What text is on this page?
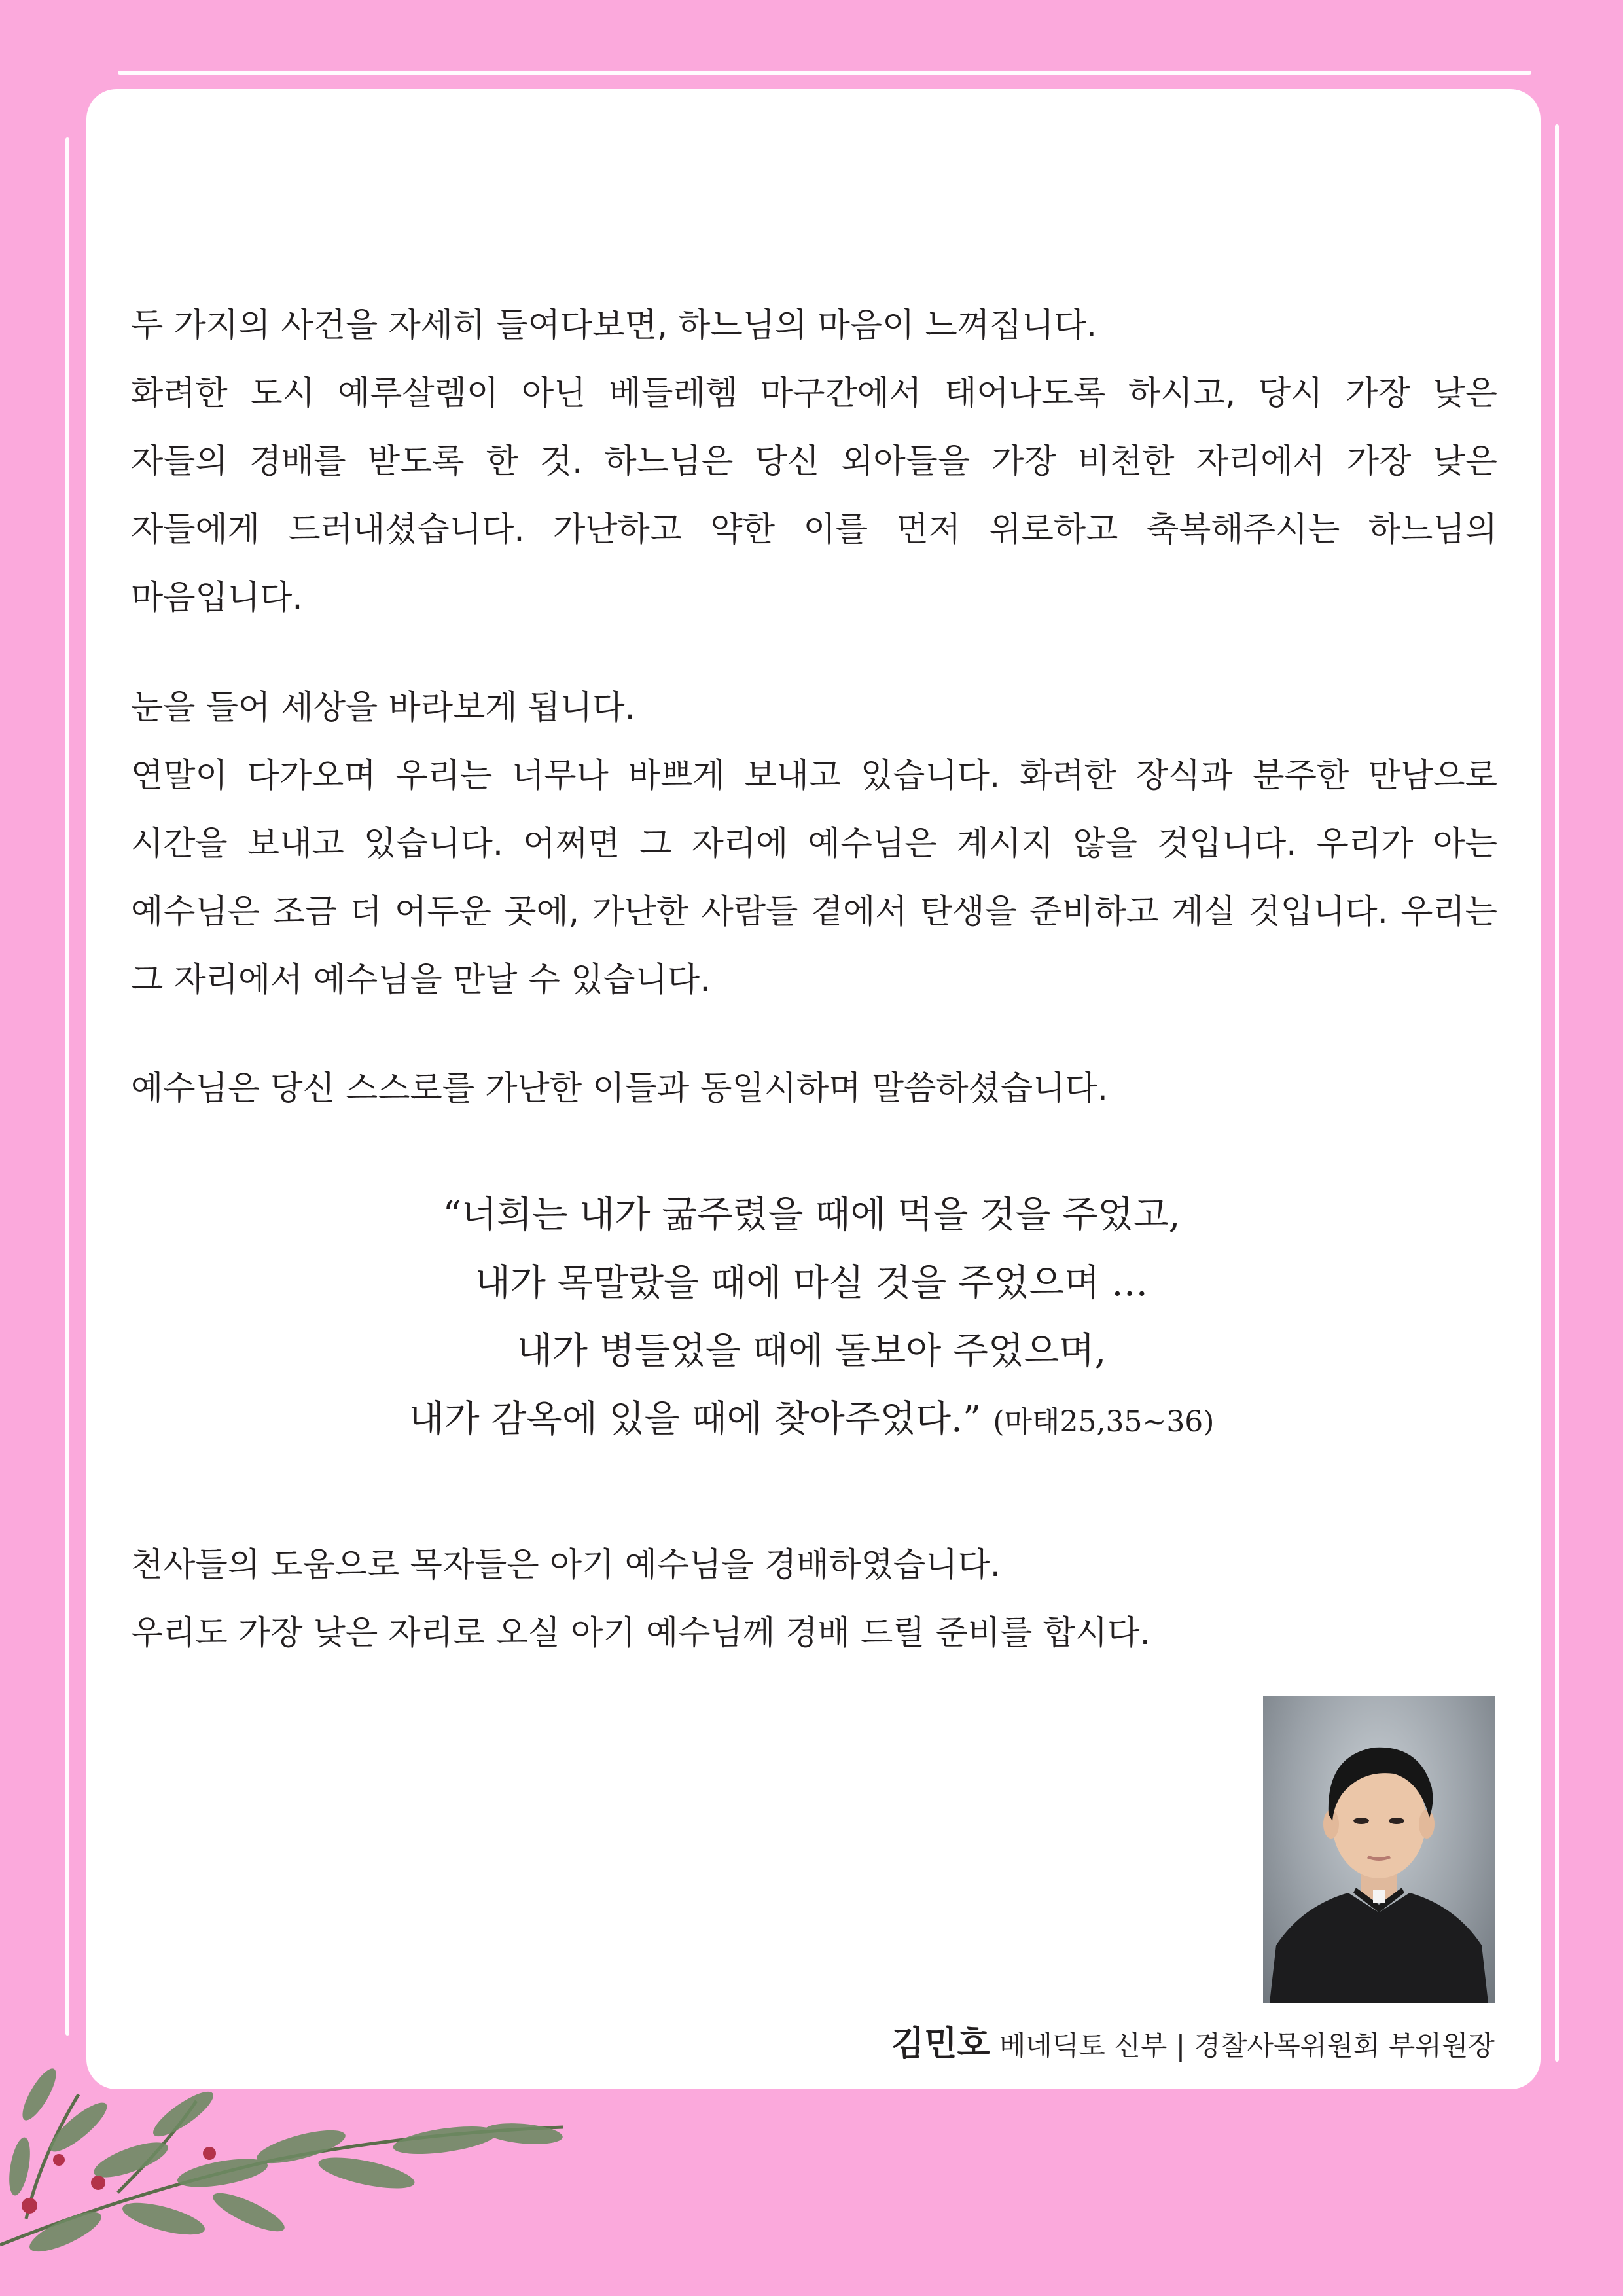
두 가지의 사건을 자세히 들여다보면, 하느님의 마음이 느껴집니다.
화려한 도시 예루살렘이 아닌 베들레헴 마구간에서 태어나도록 하시고, 당시 가장 낮은
자들의 경배를 받도록 한 것. 하느님은 당신 외아들을 가장 비천한 자리에서 가장 낮은
자들에게 드러내셨습니다. 가난하고 약한 이를 먼저 위로하고 축복해주시는 하느님의
마음입니다.

눈을 들어 세상을 바라보게 됩니다.
연말이 다가오며 우리는 너무나 바쁘게 보내고 있습니다. 화려한 장식과 분주한 만남으로
시간을 보내고 있습니다. 어쩌면 그 자리에 예수님은 계시지 않을 것입니다. 우리가 아는
예수님은 조금 더 어두운 곳에, 가난한 사람들 곁에서 탄생을 준비하고 계실 것입니다. 우리는
그 자리에서 예수님을 만날 수 있습니다.

예수님은 당신 스스로를 가난한 이들과 동일시하며 말씀하셨습니다.

“너희는 내가 굶주렸을 때에 먹을 것을 주었고,
내가 목말랐을 때에 마실 것을 주었으며 …
내가 병들었을 때에 돌보아 주었으며,
내가 감옥에 있을 때에 찾아주었다.” (마태25,35~36)

천사들의 도움으로 목자들은 아기 예수님을 경배하였습니다.
우리도 가장 낮은 자리로 오실 아기 예수님께 경배 드릴 준비를 합시다.

김민호 베네딕토 신부 | 경찰사목위원회 부위원장
